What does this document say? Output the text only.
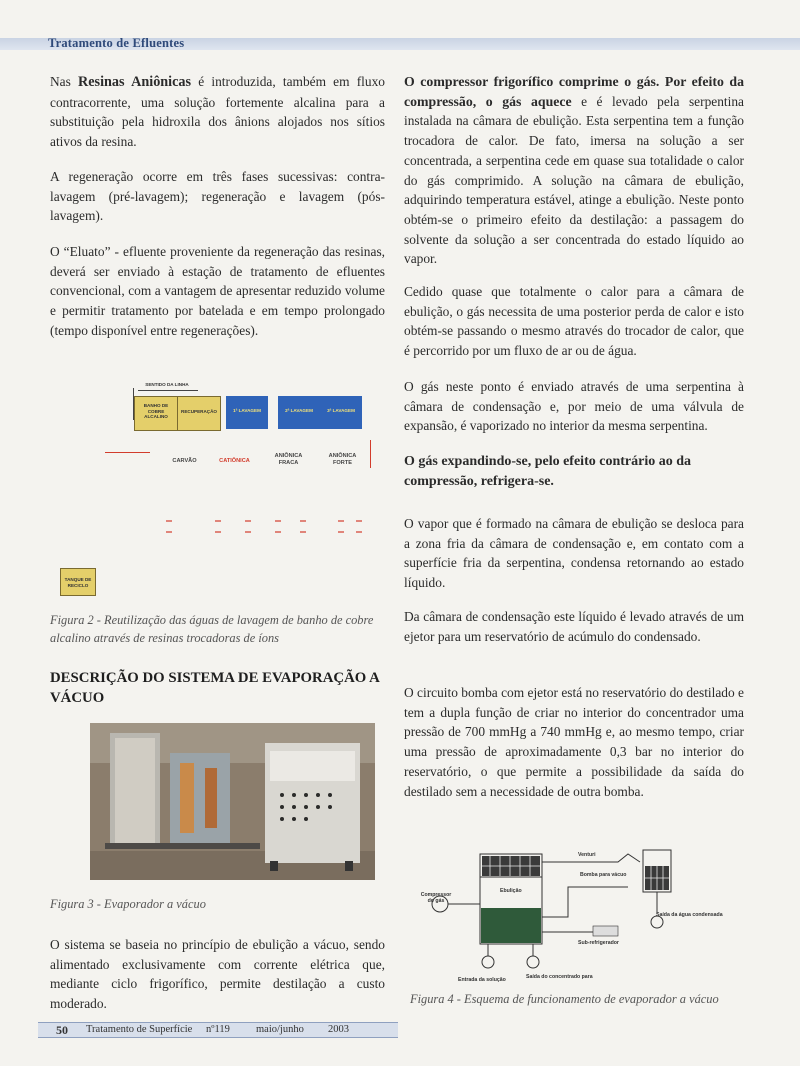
Tratamento de Efluentes

Nas Resinas Aniônicas é introduzida, também em fluxo contracorrente, uma solução fortemente alcalina para a substituição pela hidroxila dos ânions alojados nos sítios ativos da resina.

A regeneração ocorre em três fases sucessivas: contra-lavagem (pré-lavagem); regeneração e lavagem (pós-lavagem).
O “Eluato” - efluente proveniente da regeneração das resinas, deverá ser enviado à estação de tratamento de efluentes convencional, com a vantagem de apresentar reduzido volume e permitir tratamento por batelada e em tempo prolongado (tempo disponível entre regenerações).
SENTIDO DA LINHA
BANHO DE COBRE ALCALINO
RECUPERAÇÃO	1ª LAVAGEM	2ª LAVAGEM	3ª LAVAGEM
CARVÃO	CATIÔNICA
ANIÔNICA FRACA
ANIÔNICA FORTE
TANQUE DE RECICLO
Figura 2 - Reutilização das águas de lavagem de banho de cobre alcalino através de resinas trocadoras de íons
DESCRIÇÃO DO SISTEMA DE EVAPORAÇÃO A VÁCUO
Figura 3 - Evaporador a vácuo
O sistema se baseia no princípio de ebulição a vácuo, sendo alimentado exclusivamente com corrente elétrica que, mediante ciclo frigorífico, permite destilação a custo moderado.

O compressor frigorífico comprime o gás. Por efeito da compressão, o gás aquece e é levado pela serpentina instalada na câmara de ebulição. Esta serpentina tem a função trocadora de calor. De fato, imersa na solução a ser concentrada, a serpentina cede em quase sua totalidade o calor do gás comprimido. A solução na câmara de ebulição, adquirindo temperatura estável, atinge a ebulição. Neste ponto obtém-se o primeiro efeito da destilação: a passagem do solvente da solução a ser concentrada do estado líquido ao vapor.

Cedido quase que totalmente o calor para a câmara de ebulição, o gás necessita de uma posterior perda de calor e isto obtém-se passando o mesmo através do trocador de calor, que é percorrido por um fluxo de ar ou de água.
O gás neste ponto é enviado através de uma serpentina à câmara de condensação e, por meio de uma válvula de expansão, é vaporizado no interior da mesma serpentina.
O gás expandindo-se, pelo efeito contrário ao da compressão, refrigera-se.
O vapor que é formado na câmara de ebulição se desloca para a zona fria da câmara de condensação e, em contato com a superfície fria da serpentina, condensa retornando ao estado líquido.
Da câmara de condensação este líquido é levado através de um ejetor para um reservatório de acúmulo do condensado.
O circuito bomba com ejetor está no reservatório do destilado e tem a dupla função de criar no interior do concentrador uma pressão de 700 mmHg a 740 mmHg e, ao mesmo tempo, criar uma pressão de aproximadamente 0,3 bar no interior do reservatório, o que permite a possibilidade da saída do destilado sem a necessidade de outra bomba.
Venturi
Bomba para vácuo
Compressor do gás
Ebulição
Saída da água condensada
Sub-refrigerador
Entrada da solução	Saída do concentrado para
Figura 4 - Esquema de funcionamento de evaporador a vácuo
50 Tratamento de Superfície nº119 maio/junho 2003
